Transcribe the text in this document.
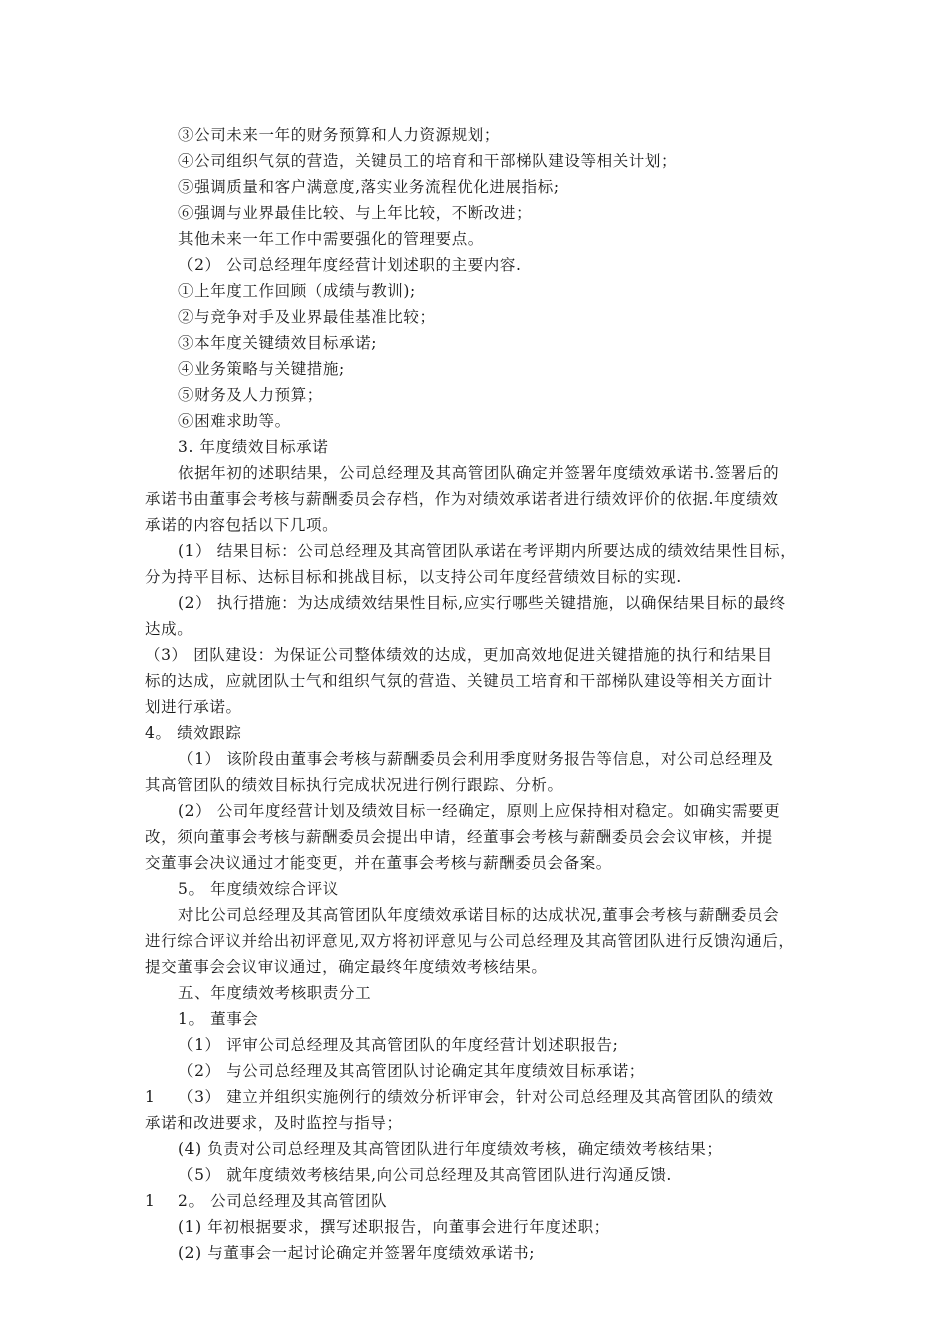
③公司未来一年的财务预算和人力资源规划；
④公司组织气氛的营造，关键员工的培育和干部梯队建设等相关计划；
⑤强调质量和客户满意度,落实业务流程优化进展指标;
⑥强调与业界最佳比较、与上年比较，不断改进；
其他未来一年工作中需要强化的管理要点。
（2） 公司总经理年度经营计划述职的主要内容.
①上年度工作回顾（成绩与教训);
②与竞争对手及业界最佳基准比较；
③本年度关键绩效目标承诺;
④业务策略与关键措施;
⑤财务及人力预算；
⑥困难求助等。
3. 年度绩效目标承诺
依据年初的述职结果，公司总经理及其高管团队确定并签署年度绩效承诺书.签署后的
承诺书由董事会考核与薪酬委员会存档，作为对绩效承诺者进行绩效评价的依据.年度绩效
承诺的内容包括以下几项。
(1） 结果目标：公司总经理及其高管团队承诺在考评期内所要达成的绩效结果性目标，
分为持平目标、达标目标和挑战目标，以支持公司年度经营绩效目标的实现.
(2） 执行措施：为达成绩效结果性目标,应实行哪些关键措施，以确保结果目标的最终
达成。
（3） 团队建设：为保证公司整体绩效的达成，更加高效地促进关键措施的执行和结果目
标的达成，应就团队士气和组织气氛的营造、关键员工培育和干部梯队建设等相关方面计
划进行承诺。
4。 绩效跟踪
（1） 该阶段由董事会考核与薪酬委员会利用季度财务报告等信息，对公司总经理及
其高管团队的绩效目标执行完成状况进行例行跟踪、分析。
(2） 公司年度经营计划及绩效目标一经确定，原则上应保持相对稳定。如确实需要更
改，须向董事会考核与薪酬委员会提出申请，经董事会考核与薪酬委员会会议审核，并提
交董事会决议通过才能变更，并在董事会考核与薪酬委员会备案。
5。 年度绩效综合评议
对比公司总经理及其高管团队年度绩效承诺目标的达成状况,董事会考核与薪酬委员会
进行综合评议并给出初评意见,双方将初评意见与公司总经理及其高管团队进行反馈沟通后，
提交董事会会议审议通过，确定最终年度绩效考核结果。
五、年度绩效考核职责分工
1。 董事会
（1） 评审公司总经理及其高管团队的年度经营计划述职报告;
（2） 与公司总经理及其高管团队讨论确定其年度绩效目标承诺；
1 （3） 建立并组织实施例行的绩效分析评审会，针对公司总经理及其高管团队的绩效
承诺和改进要求，及时监控与指导；
(4) 负责对公司总经理及其高管团队进行年度绩效考核，确定绩效考核结果；
（5） 就年度绩效考核结果,向公司总经理及其高管团队进行沟通反馈.
1 2。 公司总经理及其高管团队
(1) 年初根据要求，撰写述职报告，向董事会进行年度述职；
(2) 与董事会一起讨论确定并签署年度绩效承诺书;
